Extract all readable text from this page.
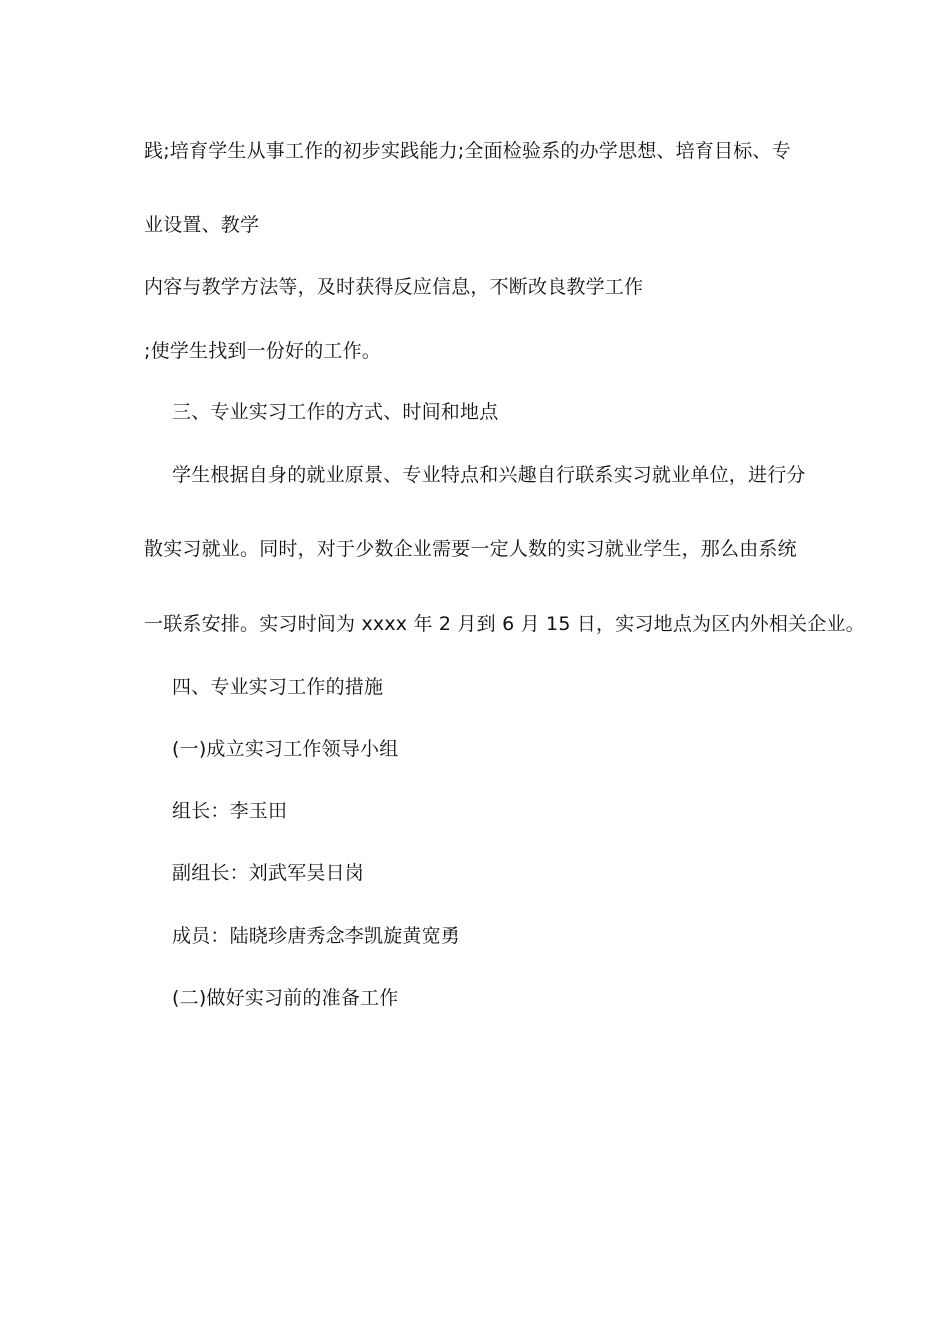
践;培育学生从事工作的初步实践能力;全面检验系的办学思想、培育目标、专
业设置、教学
内容与教学方法等，及时获得反应信息，不断改良教学工作
;使学生找到一份好的工作。
三、专业实习工作的方式、时间和地点
学生根据自身的就业原景、专业特点和兴趣自行联系实习就业单位，进行分
散实习就业。同时，对于少数企业需要一定人数的实习就业学生，那么由系统
一联系安排。实习时间为 xxxx 年 2 月到 6 月 15 日，实习地点为区内外相关企业。
四、专业实习工作的措施
(一)成立实习工作领导小组
组长：李玉田
副组长：刘武军吴日岗
成员：陆晓珍唐秀念李凯旋黄宽勇
(二)做好实习前的准备工作
